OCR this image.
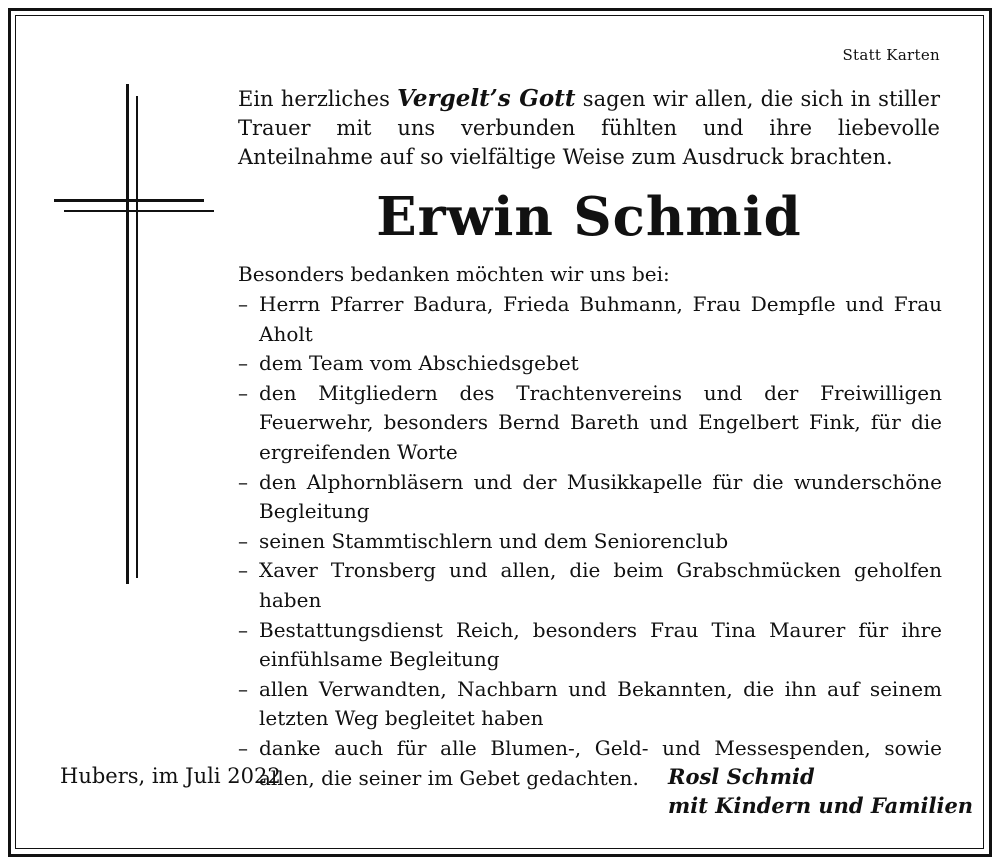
Statt Karten

Ein herzliches Vergelt’s Gott sagen wir allen, die sich in stiller Trauer mit uns verbunden fühlten und ihre liebevolle Anteilnahme auf so vielfältige Weise zum Ausdruck brachten.

Erwin Schmid

Besonders bedanken möchten wir uns bei:

– Herrn Pfarrer Badura, Frieda Buhmann, Frau Dempfle und Frau Aholt
– dem Team vom Abschiedsgebet
– den Mitgliedern des Trachtenvereins und der Freiwilligen Feuerwehr, besonders Bernd Bareth und Engelbert Fink, für die ergreifenden Worte
– den Alphornbläsern und der Musikkapelle für die wunderschöne Begleitung
– seinen Stammtischlern und dem Seniorenclub
– Xaver Tronsberg und allen, die beim Grabschmücken geholfen haben
– Bestattungsdienst Reich, besonders Frau Tina Maurer für ihre einfühlsame Begleitung
– allen Verwandten, Nachbarn und Bekannten, die ihn auf seinem letzten Weg begleitet haben
– danke auch für alle Blumen-, Geld- und Messespenden, sowie allen, die seiner im Gebet gedachten.
Hubers, im Juli 2022	Rosl Schmid
mit Kindern und Familien
